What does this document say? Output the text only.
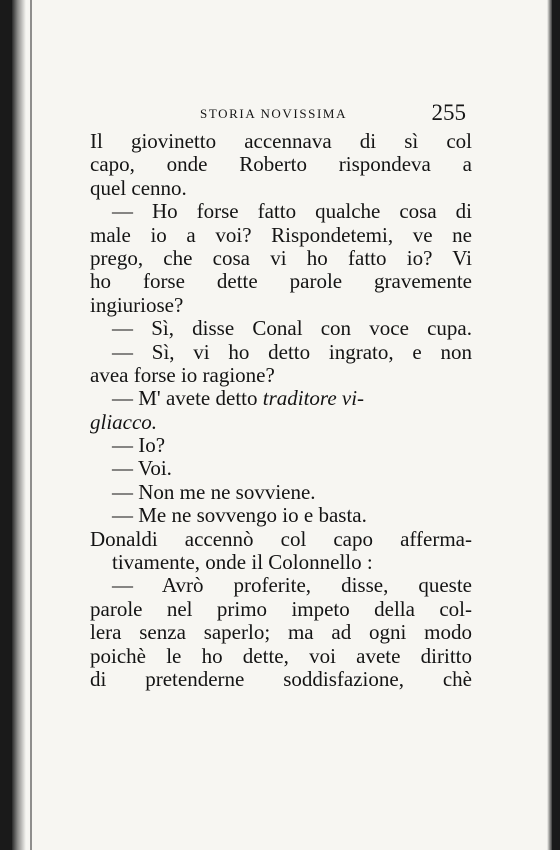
STORIA NOVISSIMA	255
Il giovinetto accennava di sì col
capo, onde Roberto rispondeva a
quel cenno.
— Ho forse fatto qualche cosa di
male io a voi? Rispondetemi, ve ne
prego, che cosa vi ho fatto io? Vi
ho forse dette parole gravemente
ingiuriose?
— Sì, disse Conal con voce cupa.
— Sì, vi ho detto ingrato, e non
avea forse io ragione?
— M' avete detto traditore vi-
gliacco.
— Io?
— Voi.
— Non me ne sovviene.
— Me ne sovvengo io e basta.
Donaldi accennò col capo afferma-
tivamente, onde il Colonnello :
— Avrò proferite, disse, queste
parole nel primo impeto della col-
lera senza saperlo; ma ad ogni modo
poichè le ho dette, voi avete diritto
di pretenderne soddisfazione, chè
